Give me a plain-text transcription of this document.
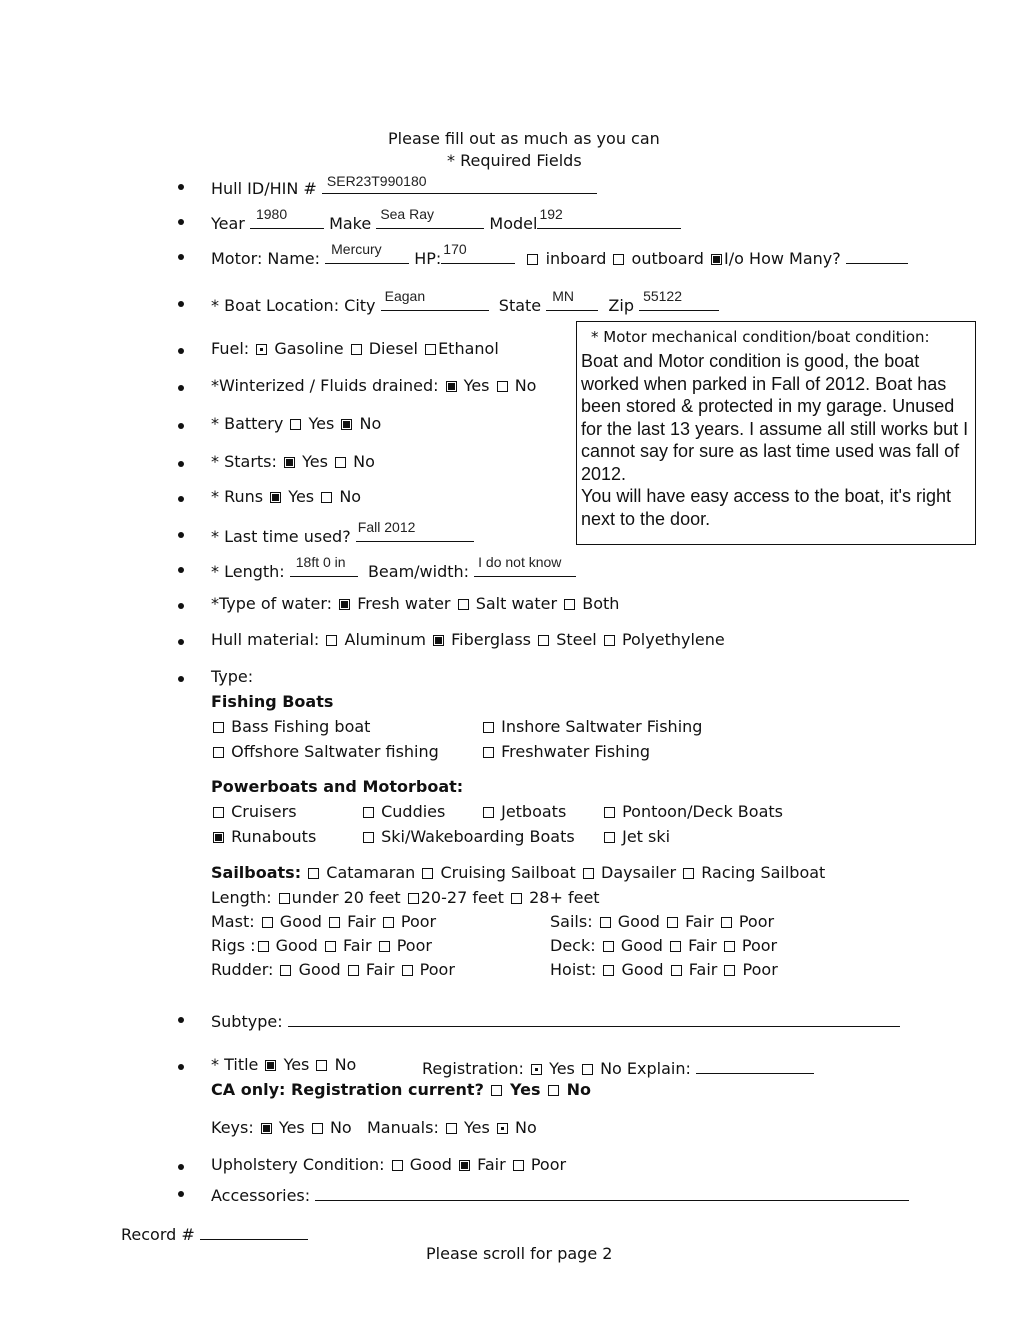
Please fill out as much as you can
* Required Fields
Hull ID/HIN # SER23T990180
Year 1980	Make Sea Ray	Model 192
Motor: Name: Mercury HP: 170	inboard outboard I/o How Many?
* Boat Location: City Eagan	State MN Zip 55122
Fuel: Gasoline Diesel Ethanol
*Winterized / Fluids drained: Yes No
* Battery Yes No
* Starts: Yes No
* Runs Yes No
* Last time used? Fall 2012
* Length: 18ft 0 in Beam/width: I do not know
* Motor mechanical condition/boat condition:
Boat and Motor condition is good, the boat worked when parked in Fall of 2012. Boat has been stored & protected in my garage. Unused for the last 13 years. I assume all still works but I cannot say for sure as last time used was fall of 2012.
You will have easy access to the boat, it's right next to the door.
*Type of water: Fresh water Salt water Both
Hull material: Aluminum Fiberglass Steel Polyethylene
Type:
Fishing Boats
Bass Fishing boat	Inshore Saltwater Fishing
Offshore Saltwater fishing	Freshwater Fishing
Powerboats and Motorboat:
Cruisers	Cuddies	Jetboats	Pontoon/Deck Boats
Runabouts	Ski/Wakeboarding Boats	Jet ski
Sailboats: Catamaran Cruising Sailboat Daysailer Racing Sailboat
Length: under 20 feet 20-27 feet 28+ feet
Mast: Good Fair Poor	Sails: Good Fair Poor
Rigs : Good Fair Poor	Deck: Good Fair Poor
Rudder: Good Fair Poor	Hoist: Good Fair Poor
Subtype:
* Title Yes No	Registration: Yes No Explain:
CA only: Registration current? Yes No
Keys: Yes No Manuals: Yes No
Upholstery Condition: Good Fair Poor
Accessories:
Record #
Please scroll for page 2
